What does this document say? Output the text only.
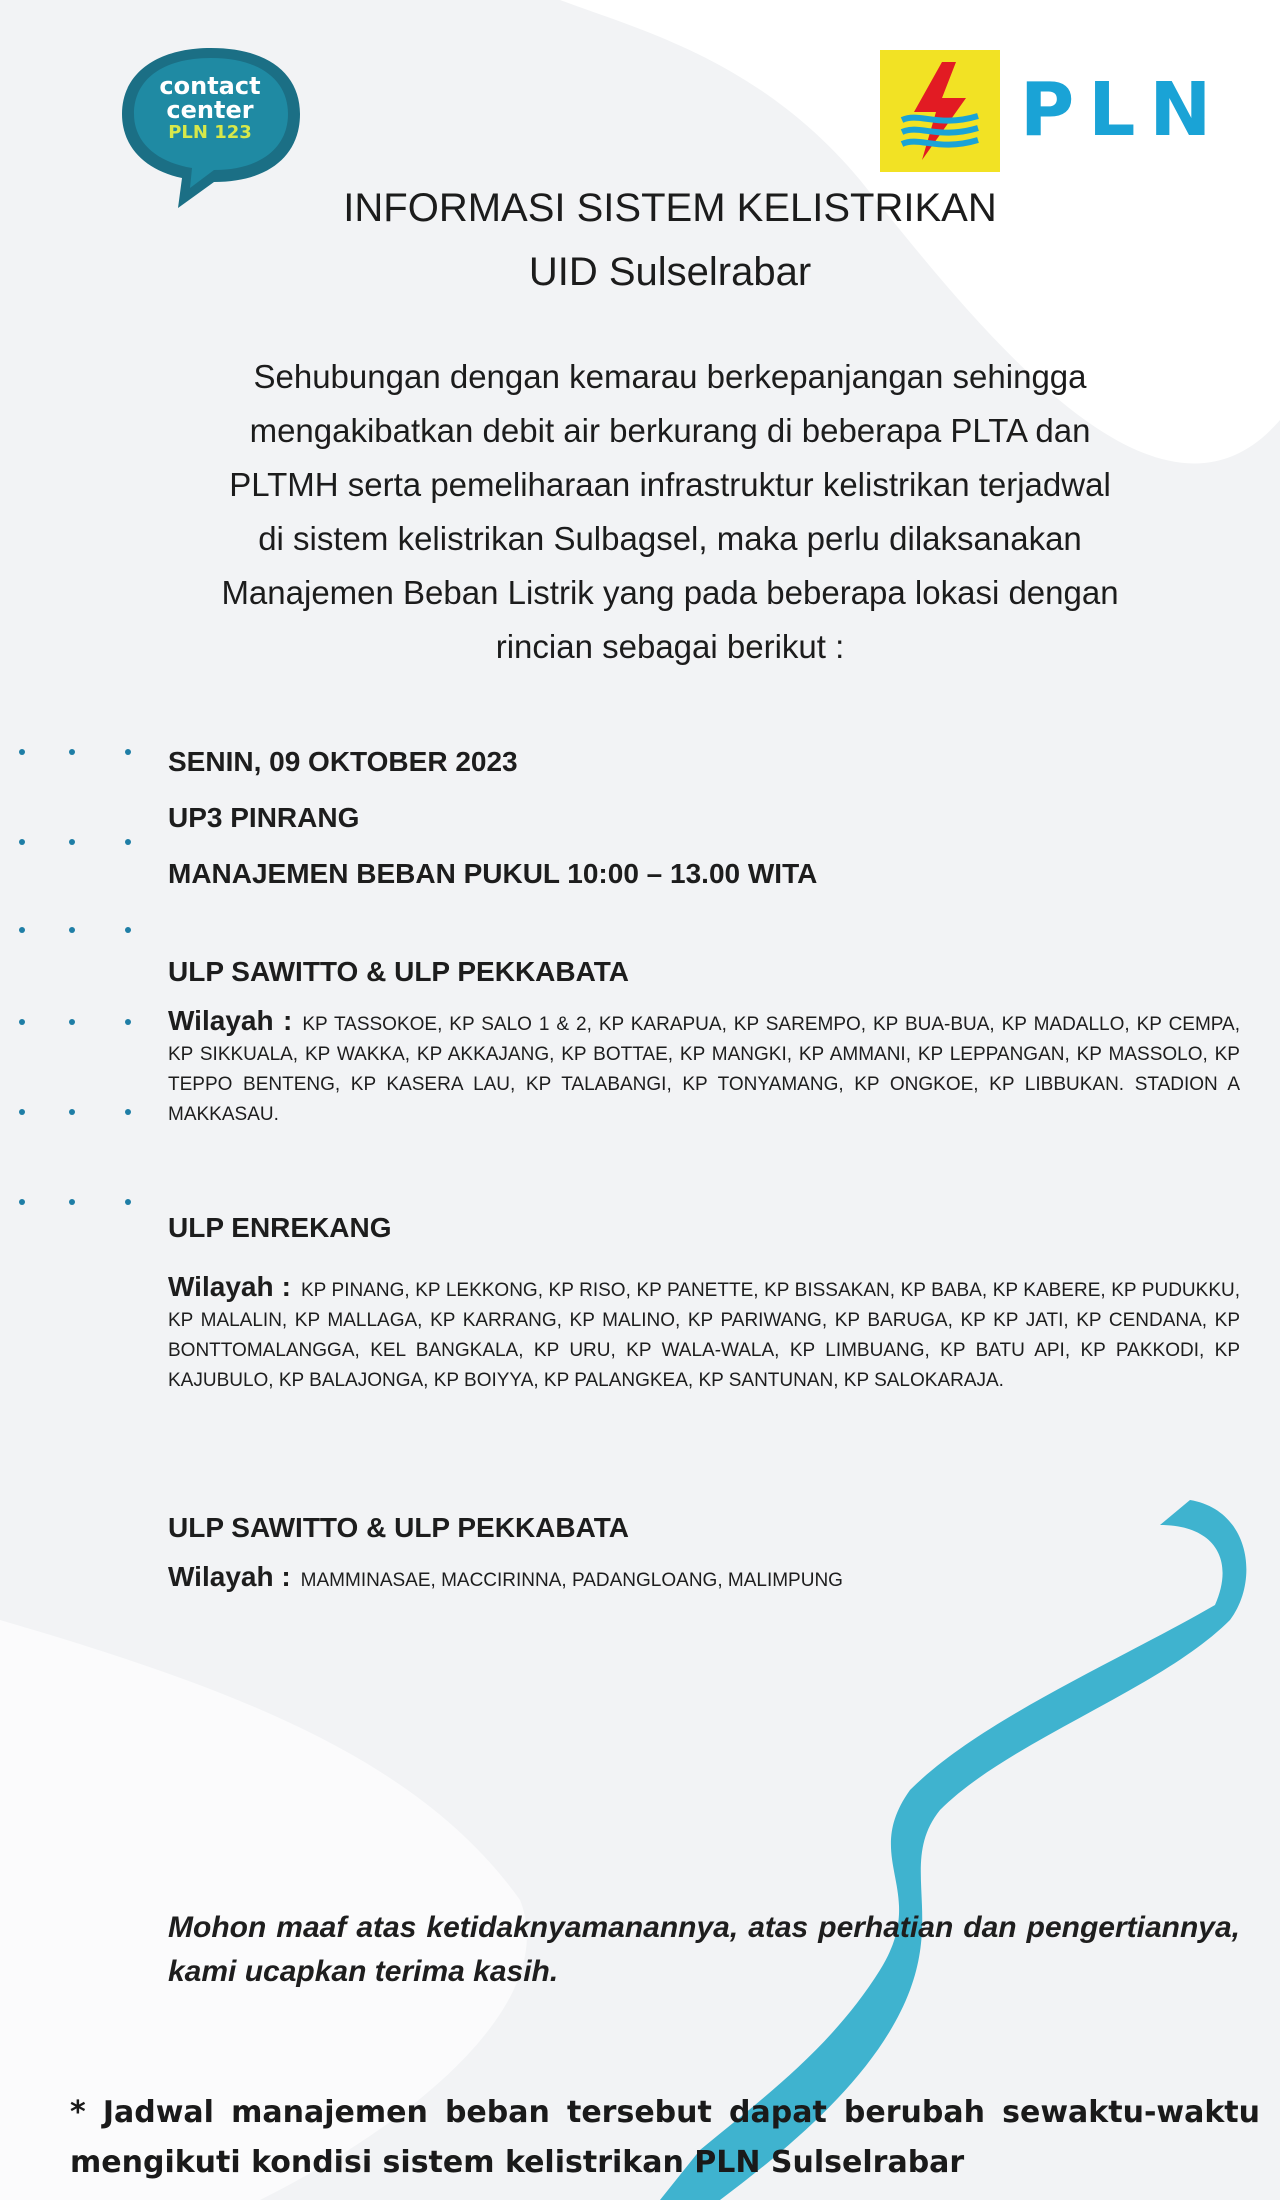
contact
center
PLN 123	PLN
INFORMASI SISTEM KELISTRIKAN
UID Sulselrabar
Sehubungan dengan kemarau berkepanjangan sehingga
mengakibatkan debit air berkurang di beberapa PLTA dan
PLTMH serta pemeliharaan infrastruktur kelistrikan terjadwal
di sistem kelistrikan Sulbagsel, maka perlu dilaksanakan
Manajemen Beban Listrik yang pada beberapa lokasi dengan
rincian sebagai berikut :
SENIN, 09 OKTOBER 2023
UP3 PINRANG
MANAJEMEN BEBAN PUKUL 10:00 – 13.00 WITA
ULP SAWITTO & ULP PEKKABATA
Wilayah : KP TASSOKOE, KP SALO 1 & 2, KP KARAPUA, KP SAREMPO, KP BUA-BUA, KP MADALLO, KP CEMPA, KP SIKKUALA, KP WAKKA, KP AKKAJANG, KP BOTTAE, KP MANGKI, KP AMMANI, KP LEPPANGAN, KP MASSOLO, KP TEPPO BENTENG, KP KASERA LAU, KP TALABANGI, KP TONYAMANG, KP ONGKOE, KP LIBBUKAN. STADION A MAKKASAU.
ULP ENREKANG
Wilayah : KP PINANG, KP LEKKONG, KP RISO, KP PANETTE, KP BISSAKAN, KP BABA, KP KABERE, KP PUDUKKU, KP MALALIN, KP MALLAGA, KP KARRANG, KP MALINO, KP PARIWANG, KP BARUGA, KP KP JATI, KP CENDANA, KP BONTTOMALANGGA, KEL BANGKALA, KP URU, KP WALA-WALA, KP LIMBUANG, KP BATU API, KP PAKKODI, KP KAJUBULO, KP BALAJONGA, KP BOIYYA, KP PALANGKEA, KP SANTUNAN, KP SALOKARAJA.
ULP SAWITTO & ULP PEKKABATA
Wilayah : MAMMINASAE, MACCIRINNA, PADANGLOANG, MALIMPUNG
Mohon maaf atas ketidaknyamanannya, atas perhatian dan pengertiannya, kami ucapkan terima kasih.
* Jadwal manajemen beban tersebut dapat berubah sewaktu-waktu mengikuti kondisi sistem kelistrikan PLN Sulselrabar
